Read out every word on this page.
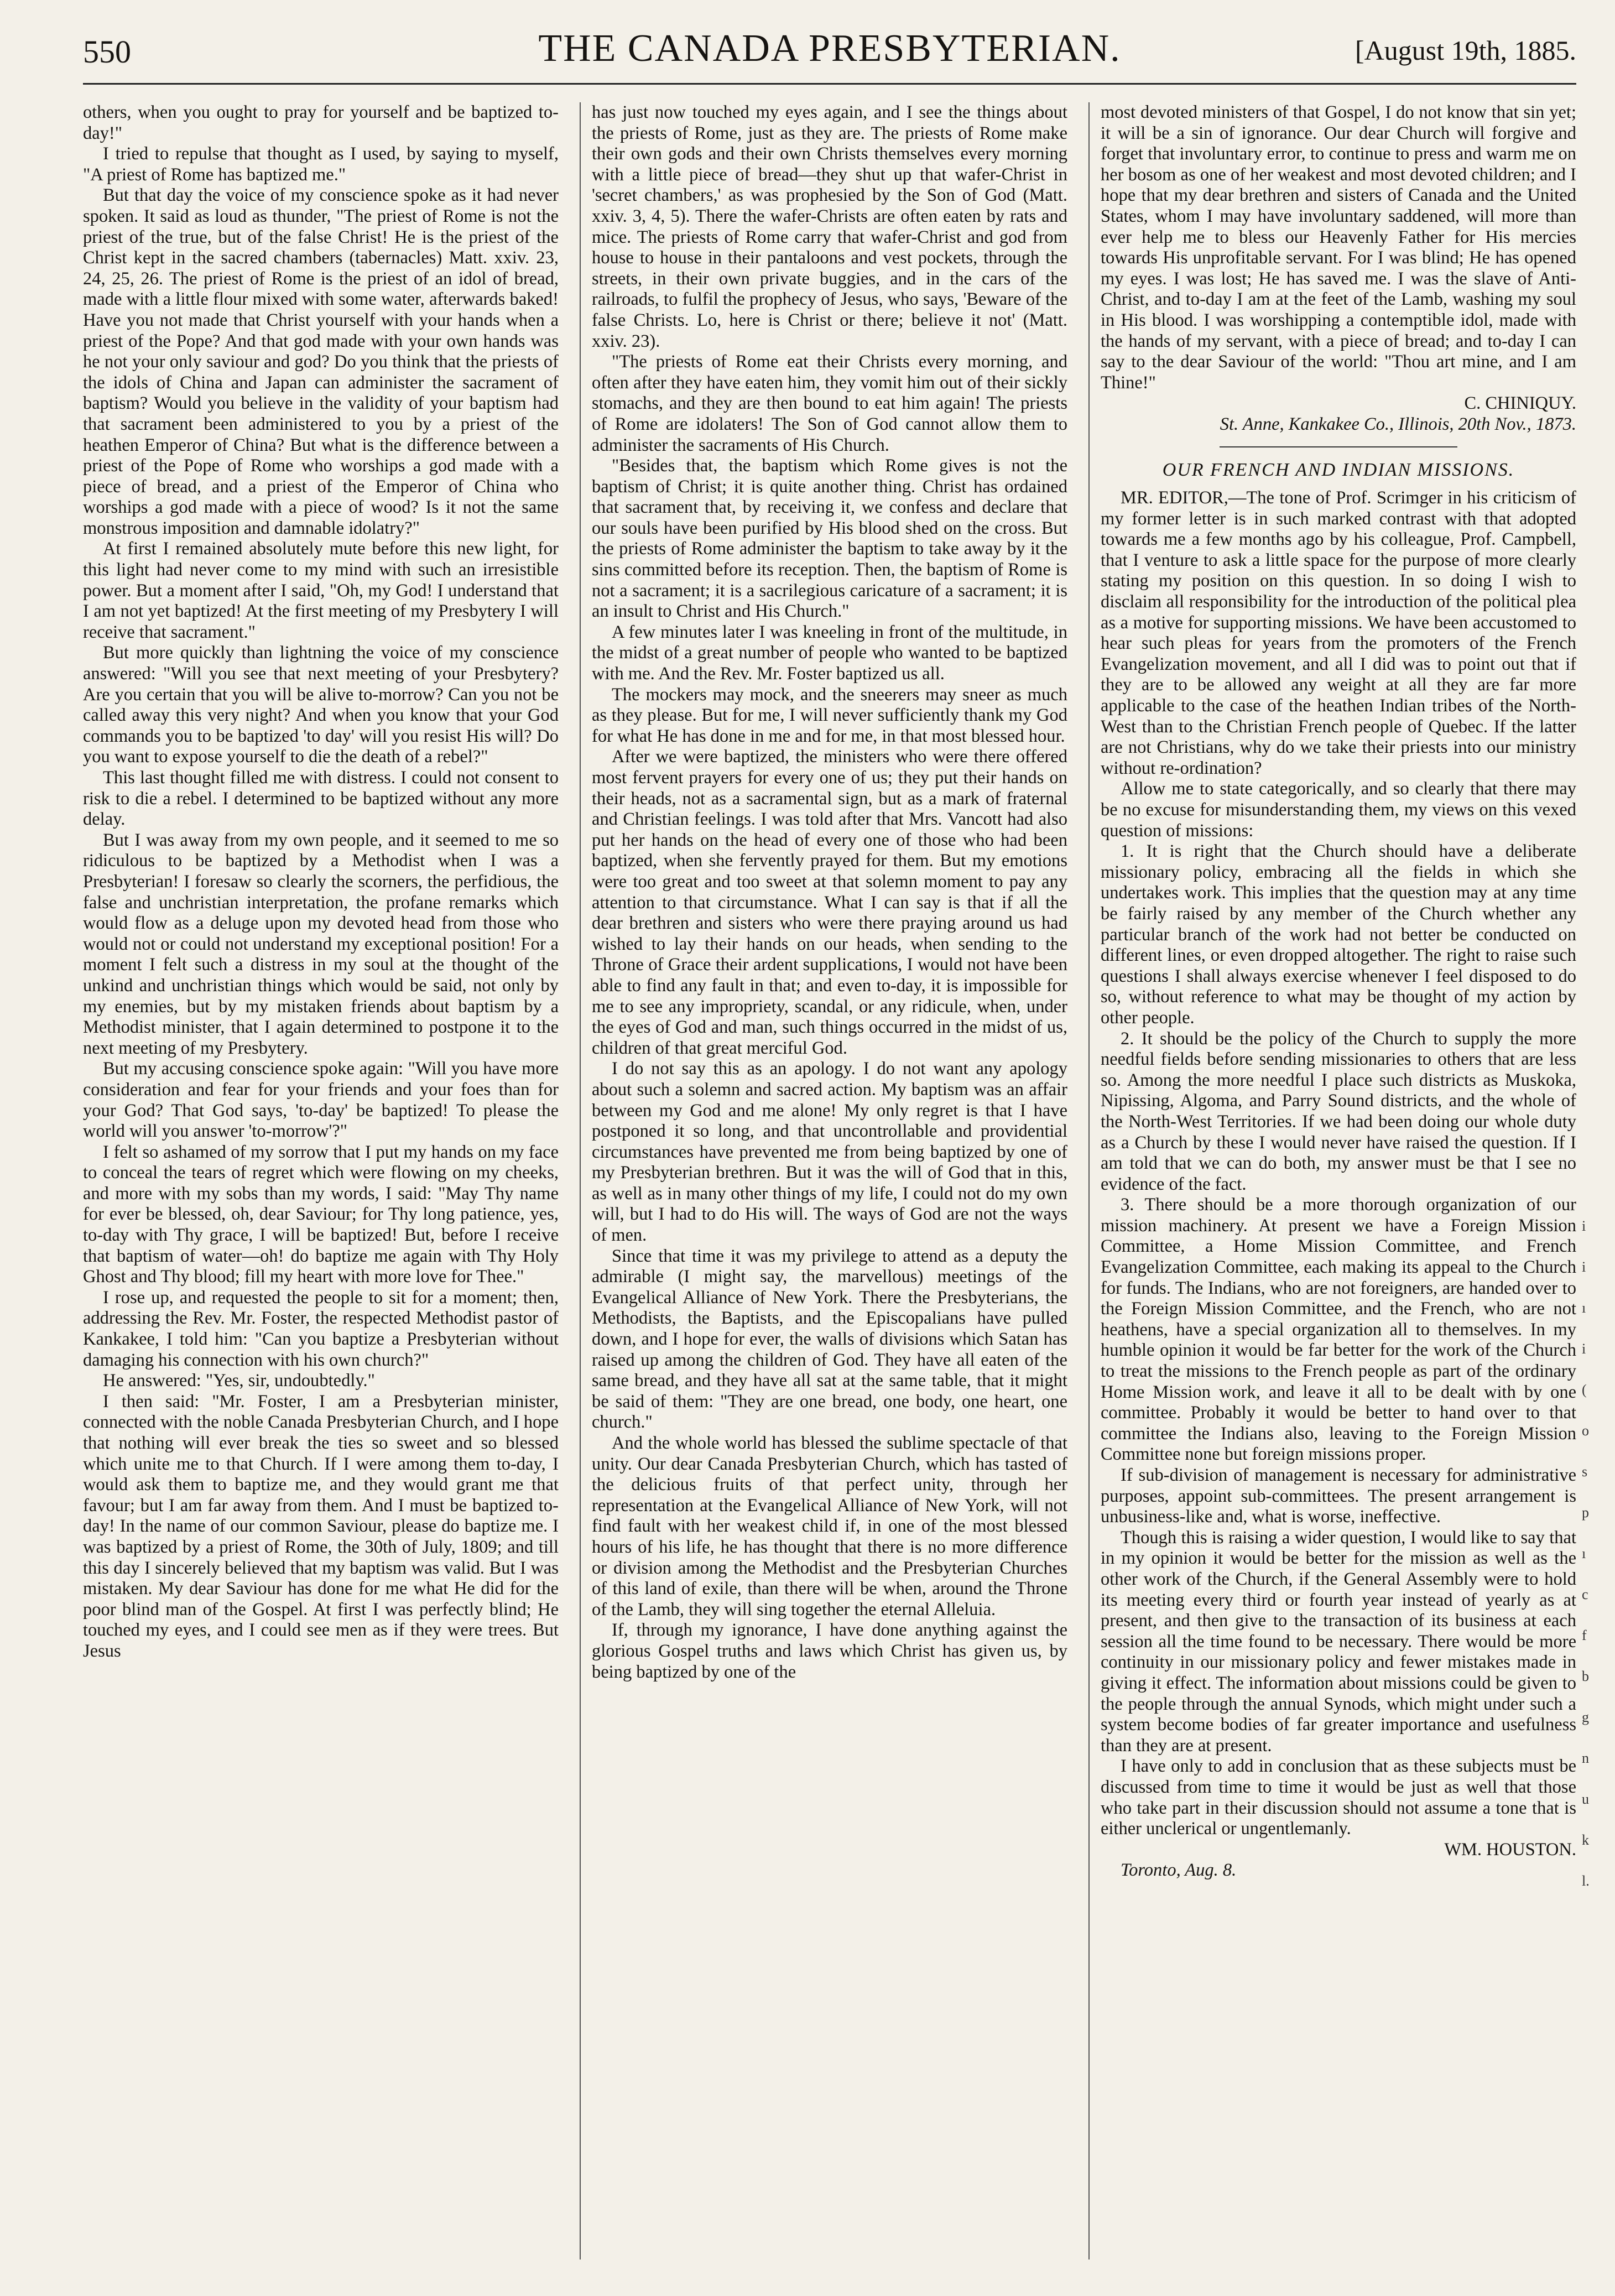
550	THE CANADA PRESBYTERIAN.	[August 19th, 1885.

others, when you ought to pray for yourself and be baptized to-day!"

I tried to repulse that thought as I used, by saying to myself, "A priest of Rome has baptized me."

But that day the voice of my conscience spoke as it had never spoken. It said as loud as thunder, "The priest of Rome is not the priest of the true, but of the false Christ! He is the priest of the Christ kept in the sacred chambers (tabernacles) Matt. xxiv. 23, 24, 25, 26. The priest of Rome is the priest of an idol of bread, made with a little flour mixed with some water, afterwards baked! Have you not made that Christ yourself with your hands when a priest of the Pope? And that god made with your own hands was he not your only saviour and god? Do you think that the priests of the idols of China and Japan can administer the sacrament of baptism? Would you believe in the validity of your baptism had that sacrament been administered to you by a priest of the heathen Emperor of China? But what is the difference between a priest of the Pope of Rome who worships a god made with a piece of bread, and a priest of the Emperor of China who worships a god made with a piece of wood? Is it not the same monstrous imposition and damnable idolatry?"

At first I remained absolutely mute before this new light, for this light had never come to my mind with such an irresistible power. But a moment after I said, "Oh, my God! I understand that I am not yet baptized! At the first meeting of my Presbytery I will receive that sacrament."

But more quickly than lightning the voice of my conscience answered: "Will you see that next meeting of your Presbytery? Are you certain that you will be alive to-morrow? Can you not be called away this very night? And when you know that your God commands you to be baptized 'to day' will you resist His will? Do you want to expose yourself to die the death of a rebel?"

This last thought filled me with distress. I could not consent to risk to die a rebel. I determined to be baptized without any more delay.

But I was away from my own people, and it seemed to me so ridiculous to be baptized by a Methodist when I was a Presbyterian! I foresaw so clearly the scorners, the perfidious, the false and unchristian interpretation, the profane remarks which would flow as a deluge upon my devoted head from those who would not or could not understand my exceptional position! For a moment I felt such a distress in my soul at the thought of the unkind and unchristian things which would be said, not only by my enemies, but by my mistaken friends about baptism by a Methodist minister, that I again determined to postpone it to the next meeting of my Presbytery.

But my accusing conscience spoke again: "Will you have more consideration and fear for your friends and your foes than for your God? That God says, 'to-day' be baptized! To please the world will you answer 'to-morrow'?"

I felt so ashamed of my sorrow that I put my hands on my face to conceal the tears of regret which were flowing on my cheeks, and more with my sobs than my words, I said: "May Thy name for ever be blessed, oh, dear Saviour; for Thy long patience, yes, to-day with Thy grace, I will be baptized! But, before I receive that baptism of water—oh! do baptize me again with Thy Holy Ghost and Thy blood; fill my heart with more love for Thee."

I rose up, and requested the people to sit for a moment; then, addressing the Rev. Mr. Foster, the respected Methodist pastor of Kankakee, I told him: "Can you baptize a Presbyterian without damaging his connection with his own church?"

He answered: "Yes, sir, undoubtedly."

I then said: "Mr. Foster, I am a Presbyterian minister, connected with the noble Canada Presbyterian Church, and I hope that nothing will ever break the ties so sweet and so blessed which unite me to that Church. If I were among them to-day, I would ask them to baptize me, and they would grant me that favour; but I am far away from them. And I must be baptized to-day! In the name of our common Saviour, please do baptize me. I was baptized by a priest of Rome, the 30th of July, 1809; and till this day I sincerely believed that my baptism was valid. But I was mistaken. My dear Saviour has done for me what He did for the poor blind man of the Gospel. At first I was perfectly blind; He touched my eyes, and I could see men as if they were trees. But Jesus

has just now touched my eyes again, and I see the things about the priests of Rome, just as they are. The priests of Rome make their own gods and their own Christs themselves every morning with a little piece of bread—they shut up that wafer-Christ in 'secret chambers,' as was prophesied by the Son of God (Matt. xxiv. 3, 4, 5). There the wafer-Christs are often eaten by rats and mice. The priests of Rome carry that wafer-Christ and god from house to house in their pantaloons and vest pockets, through the streets, in their own private buggies, and in the cars of the railroads, to fulfil the prophecy of Jesus, who says, 'Beware of the false Christs. Lo, here is Christ or there; believe it not' (Matt. xxiv. 23).

"The priests of Rome eat their Christs every morning, and often after they have eaten him, they vomit him out of their sickly stomachs, and they are then bound to eat him again! The priests of Rome are idolaters! The Son of God cannot allow them to administer the sacraments of His Church.

"Besides that, the baptism which Rome gives is not the baptism of Christ; it is quite another thing. Christ has ordained that sacrament that, by receiving it, we confess and declare that our souls have been purified by His blood shed on the cross. But the priests of Rome administer the baptism to take away by it the sins committed before its reception. Then, the baptism of Rome is not a sacrament; it is a sacrilegious caricature of a sacrament; it is an insult to Christ and His Church."

A few minutes later I was kneeling in front of the multitude, in the midst of a great number of people who wanted to be baptized with me. And the Rev. Mr. Foster baptized us all.

The mockers may mock, and the sneerers may sneer as much as they please. But for me, I will never sufficiently thank my God for what He has done in me and for me, in that most blessed hour.

After we were baptized, the ministers who were there offered most fervent prayers for every one of us; they put their hands on their heads, not as a sacramental sign, but as a mark of fraternal and Christian feelings. I was told after that Mrs. Vancott had also put her hands on the head of every one of those who had been baptized, when she fervently prayed for them. But my emotions were too great and too sweet at that solemn moment to pay any attention to that circumstance. What I can say is that if all the dear brethren and sisters who were there praying around us had wished to lay their hands on our heads, when sending to the Throne of Grace their ardent supplications, I would not have been able to find any fault in that; and even to-day, it is impossible for me to see any impropriety, scandal, or any ridicule, when, under the eyes of God and man, such things occurred in the midst of us, children of that great merciful God.

I do not say this as an apology. I do not want any apology about such a solemn and sacred action. My baptism was an affair between my God and me alone! My only regret is that I have postponed it so long, and that uncontrollable and providential circumstances have prevented me from being baptized by one of my Presbyterian brethren. But it was the will of God that in this, as well as in many other things of my life, I could not do my own will, but I had to do His will. The ways of God are not the ways of men.

Since that time it was my privilege to attend as a deputy the admirable (I might say, the marvellous) meetings of the Evangelical Alliance of New York. There the Presbyterians, the Methodists, the Baptists, and the Episcopalians have pulled down, and I hope for ever, the walls of divisions which Satan has raised up among the children of God. They have all eaten of the same bread, and they have all sat at the same table, that it might be said of them: "They are one bread, one body, one heart, one church."

And the whole world has blessed the sublime spectacle of that unity. Our dear Canada Presbyterian Church, which has tasted of the delicious fruits of that perfect unity, through her representation at the Evangelical Alliance of New York, will not find fault with her weakest child if, in one of the most blessed hours of his life, he has thought that there is no more difference or division among the Methodist and the Presbyterian Churches of this land of exile, than there will be when, around the Throne of the Lamb, they will sing together the eternal Alleluia.

If, through my ignorance, I have done anything against the glorious Gospel truths and laws which Christ has given us, by being baptized by one of the

most devoted ministers of that Gospel, I do not know that sin yet; it will be a sin of ignorance. Our dear Church will forgive and forget that involuntary error, to continue to press and warm me on her bosom as one of her weakest and most devoted children; and I hope that my dear brethren and sisters of Canada and the United States, whom I may have involuntary saddened, will more than ever help me to bless our Heavenly Father for His mercies towards His unprofitable servant. For I was blind; He has opened my eyes. I was lost; He has saved me. I was the slave of Anti-Christ, and to-day I am at the feet of the Lamb, washing my soul in His blood. I was worshipping a contemptible idol, made with the hands of my servant, with a piece of bread; and to-day I can say to the dear Saviour of the world: "Thou art mine, and I am Thine!"

C. CHINIQUY.

St. Anne, Kankakee Co., Illinois, 20th Nov., 1873.

OUR FRENCH AND INDIAN MISSIONS.

MR. EDITOR,—The tone of Prof. Scrimger in his criticism of my former letter is in such marked contrast with that adopted towards me a few months ago by his colleague, Prof. Campbell, that I venture to ask a little space for the purpose of more clearly stating my position on this question. In so doing I wish to disclaim all responsibility for the introduction of the political plea as a motive for supporting missions. We have been accustomed to hear such pleas for years from the promoters of the French Evangelization movement, and all I did was to point out that if they are to be allowed any weight at all they are far more applicable to the case of the heathen Indian tribes of the North-West than to the Christian French people of Quebec. If the latter are not Christians, why do we take their priests into our ministry without re-ordination?

Allow me to state categorically, and so clearly that there may be no excuse for misunderstanding them, my views on this vexed question of missions:

1. It is right that the Church should have a deliberate missionary policy, embracing all the fields in which she undertakes work. This implies that the question may at any time be fairly raised by any member of the Church whether any particular branch of the work had not better be conducted on different lines, or even dropped altogether. The right to raise such questions I shall always exercise whenever I feel disposed to do so, without reference to what may be thought of my action by other people.

2. It should be the policy of the Church to supply the more needful fields before sending missionaries to others that are less so. Among the more needful I place such districts as Muskoka, Nipissing, Algoma, and Parry Sound districts, and the whole of the North-West Territories. If we had been doing our whole duty as a Church by these I would never have raised the question. If I am told that we can do both, my answer must be that I see no evidence of the fact.

3. There should be a more thorough organization of our mission machinery. At present we have a Foreign Mission Committee, a Home Mission Committee, and French Evangelization Committee, each making its appeal to the Church for funds. The Indians, who are not foreigners, are handed over to the Foreign Mission Committee, and the French, who are not heathens, have a special organization all to themselves. In my humble opinion it would be far better for the work of the Church to treat the missions to the French people as part of the ordinary Home Mission work, and leave it all to be dealt with by one committee. Probably it would be better to hand over to that committee the Indians also, leaving to the Foreign Mission Committee none but foreign missions proper.

If sub-division of management is necessary for administrative purposes, appoint sub-committees. The present arrangement is unbusiness-like and, what is worse, ineffective.

Though this is raising a wider question, I would like to say that in my opinion it would be better for the mission as well as the other work of the Church, if the General Assembly were to hold its meeting every third or fourth year instead of yearly as at present, and then give to the transaction of its business at each session all the time found to be necessary. There would be more continuity in our missionary policy and fewer mistakes made in giving it effect. The information about missions could be given to the people through the annual Synods, which might under such a system become bodies of far greater importance and usefulness than they are at present.

I have only to add in conclusion that as these subjects must be discussed from time to time it would be just as well that those who take part in their discussion should not assume a tone that is either unclerical or ungentlemanly.

WM. HOUSTON.

Toronto, Aug. 8.

i
i
ı
i
(
o
s
p
ı
c
f
b
g
n
u
k
l.
